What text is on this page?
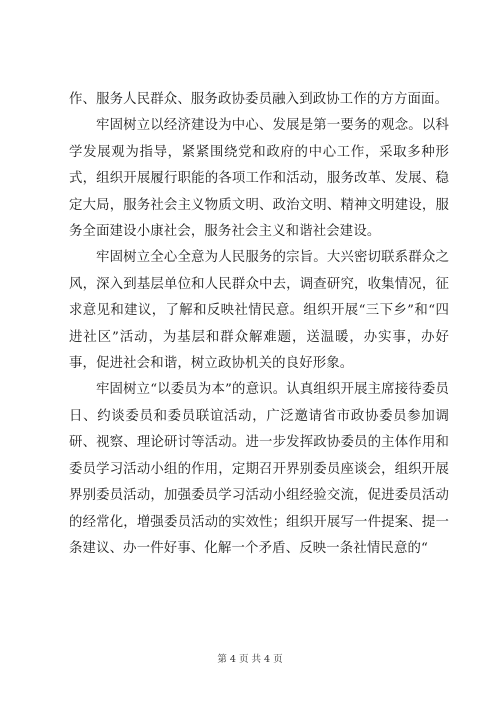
作、服务人民群众、服务政协委员融入到政协工作的方方面面。

牢固树立以经济建设为中心、发展是第一要务的观念。以科学发展观为指导，紧紧围绕党和政府的中心工作，采取多种形式，组织开展履行职能的各项工作和活动，服务改革、发展、稳定大局，服务社会主义物质文明、政治文明、精神文明建设，服务全面建设小康社会，服务社会主义和谐社会建设。

牢固树立全心全意为人民服务的宗旨。大兴密切联系群众之风，深入到基层单位和人民群众中去，调查研究，收集情况，征求意见和建议，了解和反映社情民意。组织开展“三下乡”和“四进社区”活动，为基层和群众解难题，送温暖，办实事，办好事，促进社会和谐，树立政协机关的良好形象。

牢固树立“以委员为本”的意识。认真组织开展主席接待委员日、约谈委员和委员联谊活动，广泛邀请省市政协委员参加调研、视察、理论研讨等活动。进一步发挥政协委员的主体作用和委员学习活动小组的作用，定期召开界别委员座谈会，组织开展界别委员活动，加强委员学习活动小组经验交流，促进委员活动的经常化，增强委员活动的实效性；组织开展写一件提案、提一条建议、办一件好事、化解一个矛盾、反映一条社情民意的“

第 4 页 共 4 页
